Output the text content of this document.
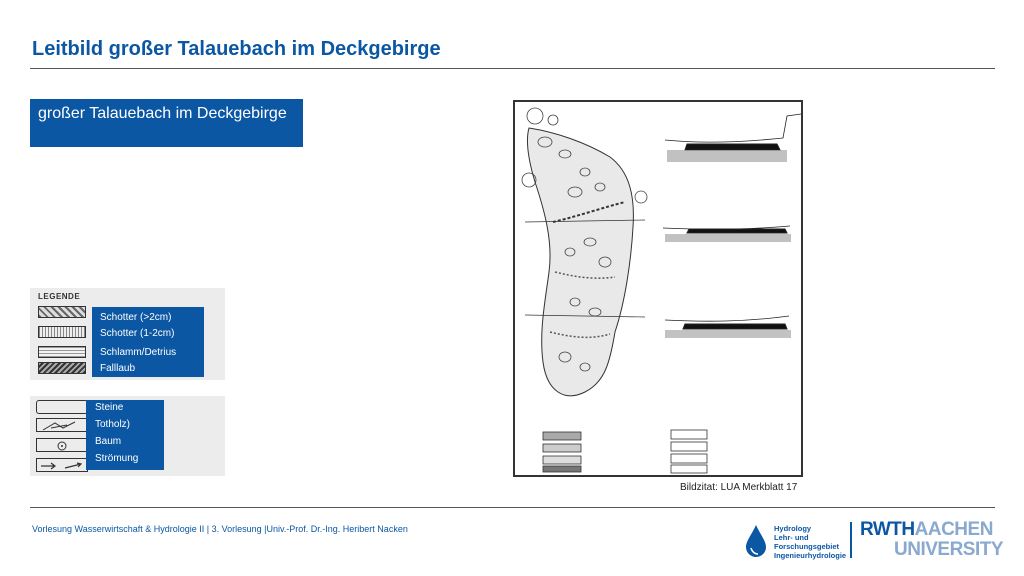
Leitbild großer Talauebach im Deckgebirge
großer Talauebach im Deckgebirge
LEGENDE
Schotter (>2cm)
Schotter (1-2cm)
Schlamm/Detrius
Falllaub
Steine
Totholz)
Baum
Strömung
Bildzitat: LUA Merkblatt 17
Vorlesung Wasserwirtschaft & Hydrologie II | 3. Vorlesung |Univ.-Prof. Dr.-Ing. Heribert Nacken	Hydrology
Lehr- und
Forschungsgebiet
Ingenieurhydrologie
RWTHAACHEN
UNIVERSITY
